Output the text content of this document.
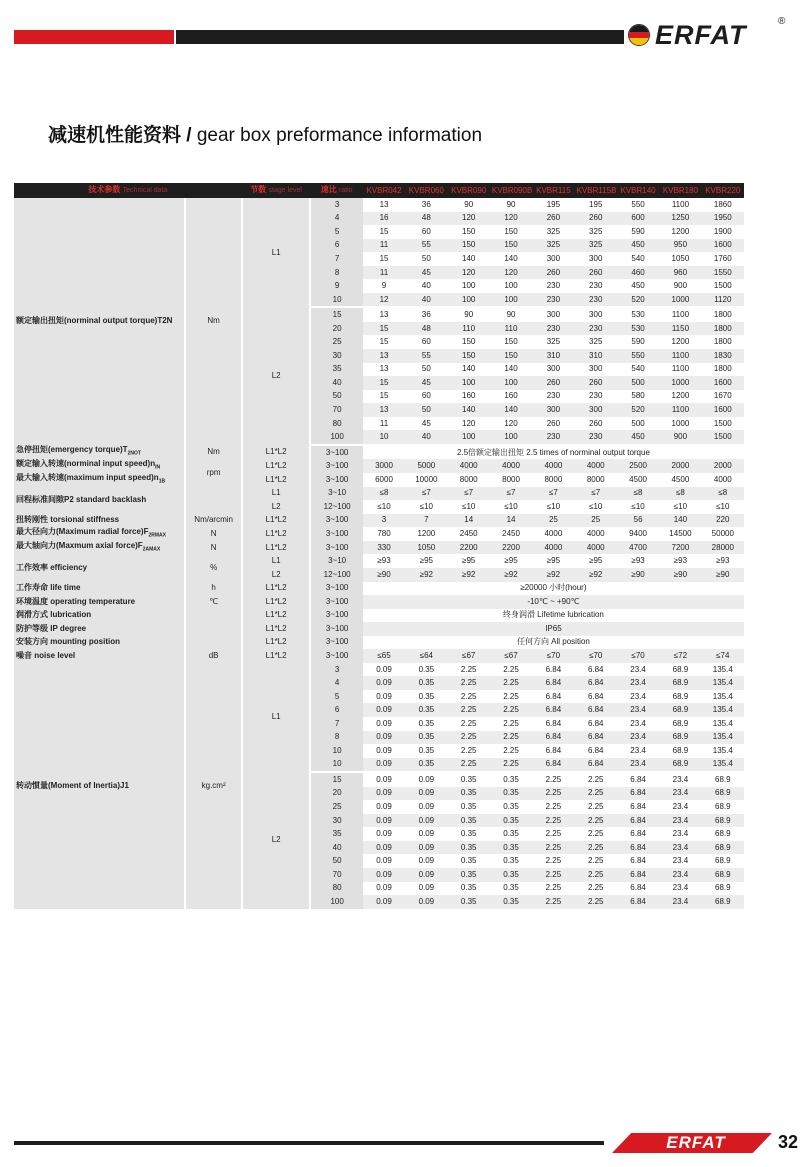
ERFAT	®
减速机性能资料 / gear box preformance information
技术参数 Technical data		节数 stage level	速比 ratio	KVBR042	KVBR060	KVBR090	KVBR090B	KVBR115	KVBR115B	KVBR140	KVBR180	KVBR220
额定输出扭矩(norminal output torque)T2N	Nm	L1	3	13	36	90	90	195	195	550	1100	1860
			4	16	48	120	120	260	260	600	1250	1950
			5	15	60	150	150	325	325	590	1200	1900
			6	11	55	150	150	325	325	450	950	1600
			7	15	50	140	140	300	300	540	1050	1760
			8	11	45	120	120	260	260	460	960	1550
			9	9	40	100	100	230	230	450	900	1500
			10	12	40	100	100	230	230	520	1000	1120
		L2	15	13	36	90	90	300	300	530	1100	1800
			20	15	48	110	110	230	230	530	1150	1800
			25	15	60	150	150	325	325	590	1200	1800
			30	13	55	150	150	310	310	550	1100	1830
			35	13	50	140	140	300	300	540	1100	1800
			40	15	45	100	100	260	260	500	1000	1600
			50	15	60	160	160	230	230	580	1200	1670
			70	13	50	140	140	300	300	520	1100	1600
			80	11	45	120	120	260	260	500	1000	1500
			100	10	40	100	100	230	230	450	900	1500
急停扭矩(emergency $torque)T_{2NOT}$	Nm	L1*L2	3~100	2.5倍额定输出扭矩 2.5 times of norminal output torque								
额定输入转速(norminal input $speed)n_{IN}$	rpm	L1*L2	3~100	3000	5000	4000	4000	4000	4000	2500	2000	2000
最大输入转速(maximum input $speed)n_{1B}$		L1*L2	3~100	6000	10000	8000	8000	8000	8000	4500	4500	4000
回程标准间隙P2 standard backlash		L1	3~10	≤8	≤7	≤7	≤7	≤7	≤7	≤8	≤8	≤8
		L2	12~100	≤10	≤10	≤10	≤10	≤10	≤10	≤10	≤10	≤10
扭转刚性 torsional stiffness	Nm/arcmin	L1*L2	3~100	3	7	14	14	25	25	56	140	220
最大径向力(Maximum radial $force)F_{2RMAX}$	N	L1*L2	3~100	780	1200	2450	2450	4000	4000	9400	14500	50000
最大轴向力(Maxmum axial $force)F_{2AMAX}$	N	L1*L2	3~100	330	1050	2200	2200	4000	4000	4700	7200	28000
工作效率 efficiency	%	L1	3~10	≥93	≥95	≥95	≥95	≥95	≥95	≥93	≥93	≥93
		L2	12~100	≥90	≥92	≥92	≥92	≥92	≥92	≥90	≥90	≥90
工作寿命 life time	h	L1*L2	3~100	≥20000 小时(hour)								
环境温度 operating temperature	℃	L1*L2	3~100	-10℃ ~ +90℃								
润滑方式 lubrication		L1*L2	3~100	终身润滑 Lifetime lubrication								
防护等级 IP degree		L1*L2	3~100	IP65								
安装方向 mounting position		L1*L2	3~100	任何方向 All position								
噪音 noise level	dB	L1*L2	3~100	≤65	≤64	≤67	≤67	≤70	≤70	≤70	≤72	≤74
转动惯量(Moment of Inertia)J1	kg.cm²	L1	3	0.09	0.35	2.25	2.25	6.84	6.84	23.4	68.9	135.4
			4	0.09	0.35	2.25	2.25	6.84	6.84	23.4	68.9	135.4
			5	0.09	0.35	2.25	2.25	6.84	6.84	23.4	68.9	135.4
			6	0.09	0.35	2.25	2.25	6.84	6.84	23.4	68.9	135.4
			7	0.09	0.35	2.25	2.25	6.84	6.84	23.4	68.9	135.4
			8	0.09	0.35	2.25	2.25	6.84	6.84	23.4	68.9	135.4
			10	0.09	0.35	2.25	2.25	6.84	6.84	23.4	68.9	135.4
			10	0.09	0.35	2.25	2.25	6.84	6.84	23.4	68.9	135.4
		L2	15	0.09	0.09	0.35	0.35	2.25	2.25	6.84	23.4	68.9
			20	0.09	0.09	0.35	0.35	2.25	2.25	6.84	23.4	68.9
			25	0.09	0.09	0.35	0.35	2.25	2.25	6.84	23.4	68.9
			30	0.09	0.09	0.35	0.35	2.25	2.25	6.84	23.4	68.9
			35	0.09	0.09	0.35	0.35	2.25	2.25	6.84	23.4	68.9
			40	0.09	0.09	0.35	0.35	2.25	2.25	6.84	23.4	68.9
			50	0.09	0.09	0.35	0.35	2.25	2.25	6.84	23.4	68.9
			70	0.09	0.09	0.35	0.35	2.25	2.25	6.84	23.4	68.9
			80	0.09	0.09	0.35	0.35	2.25	2.25	6.84	23.4	68.9
			100	0.09	0.09	0.35	0.35	2.25	2.25	6.84	23.4	68.9
ERFAT	32
